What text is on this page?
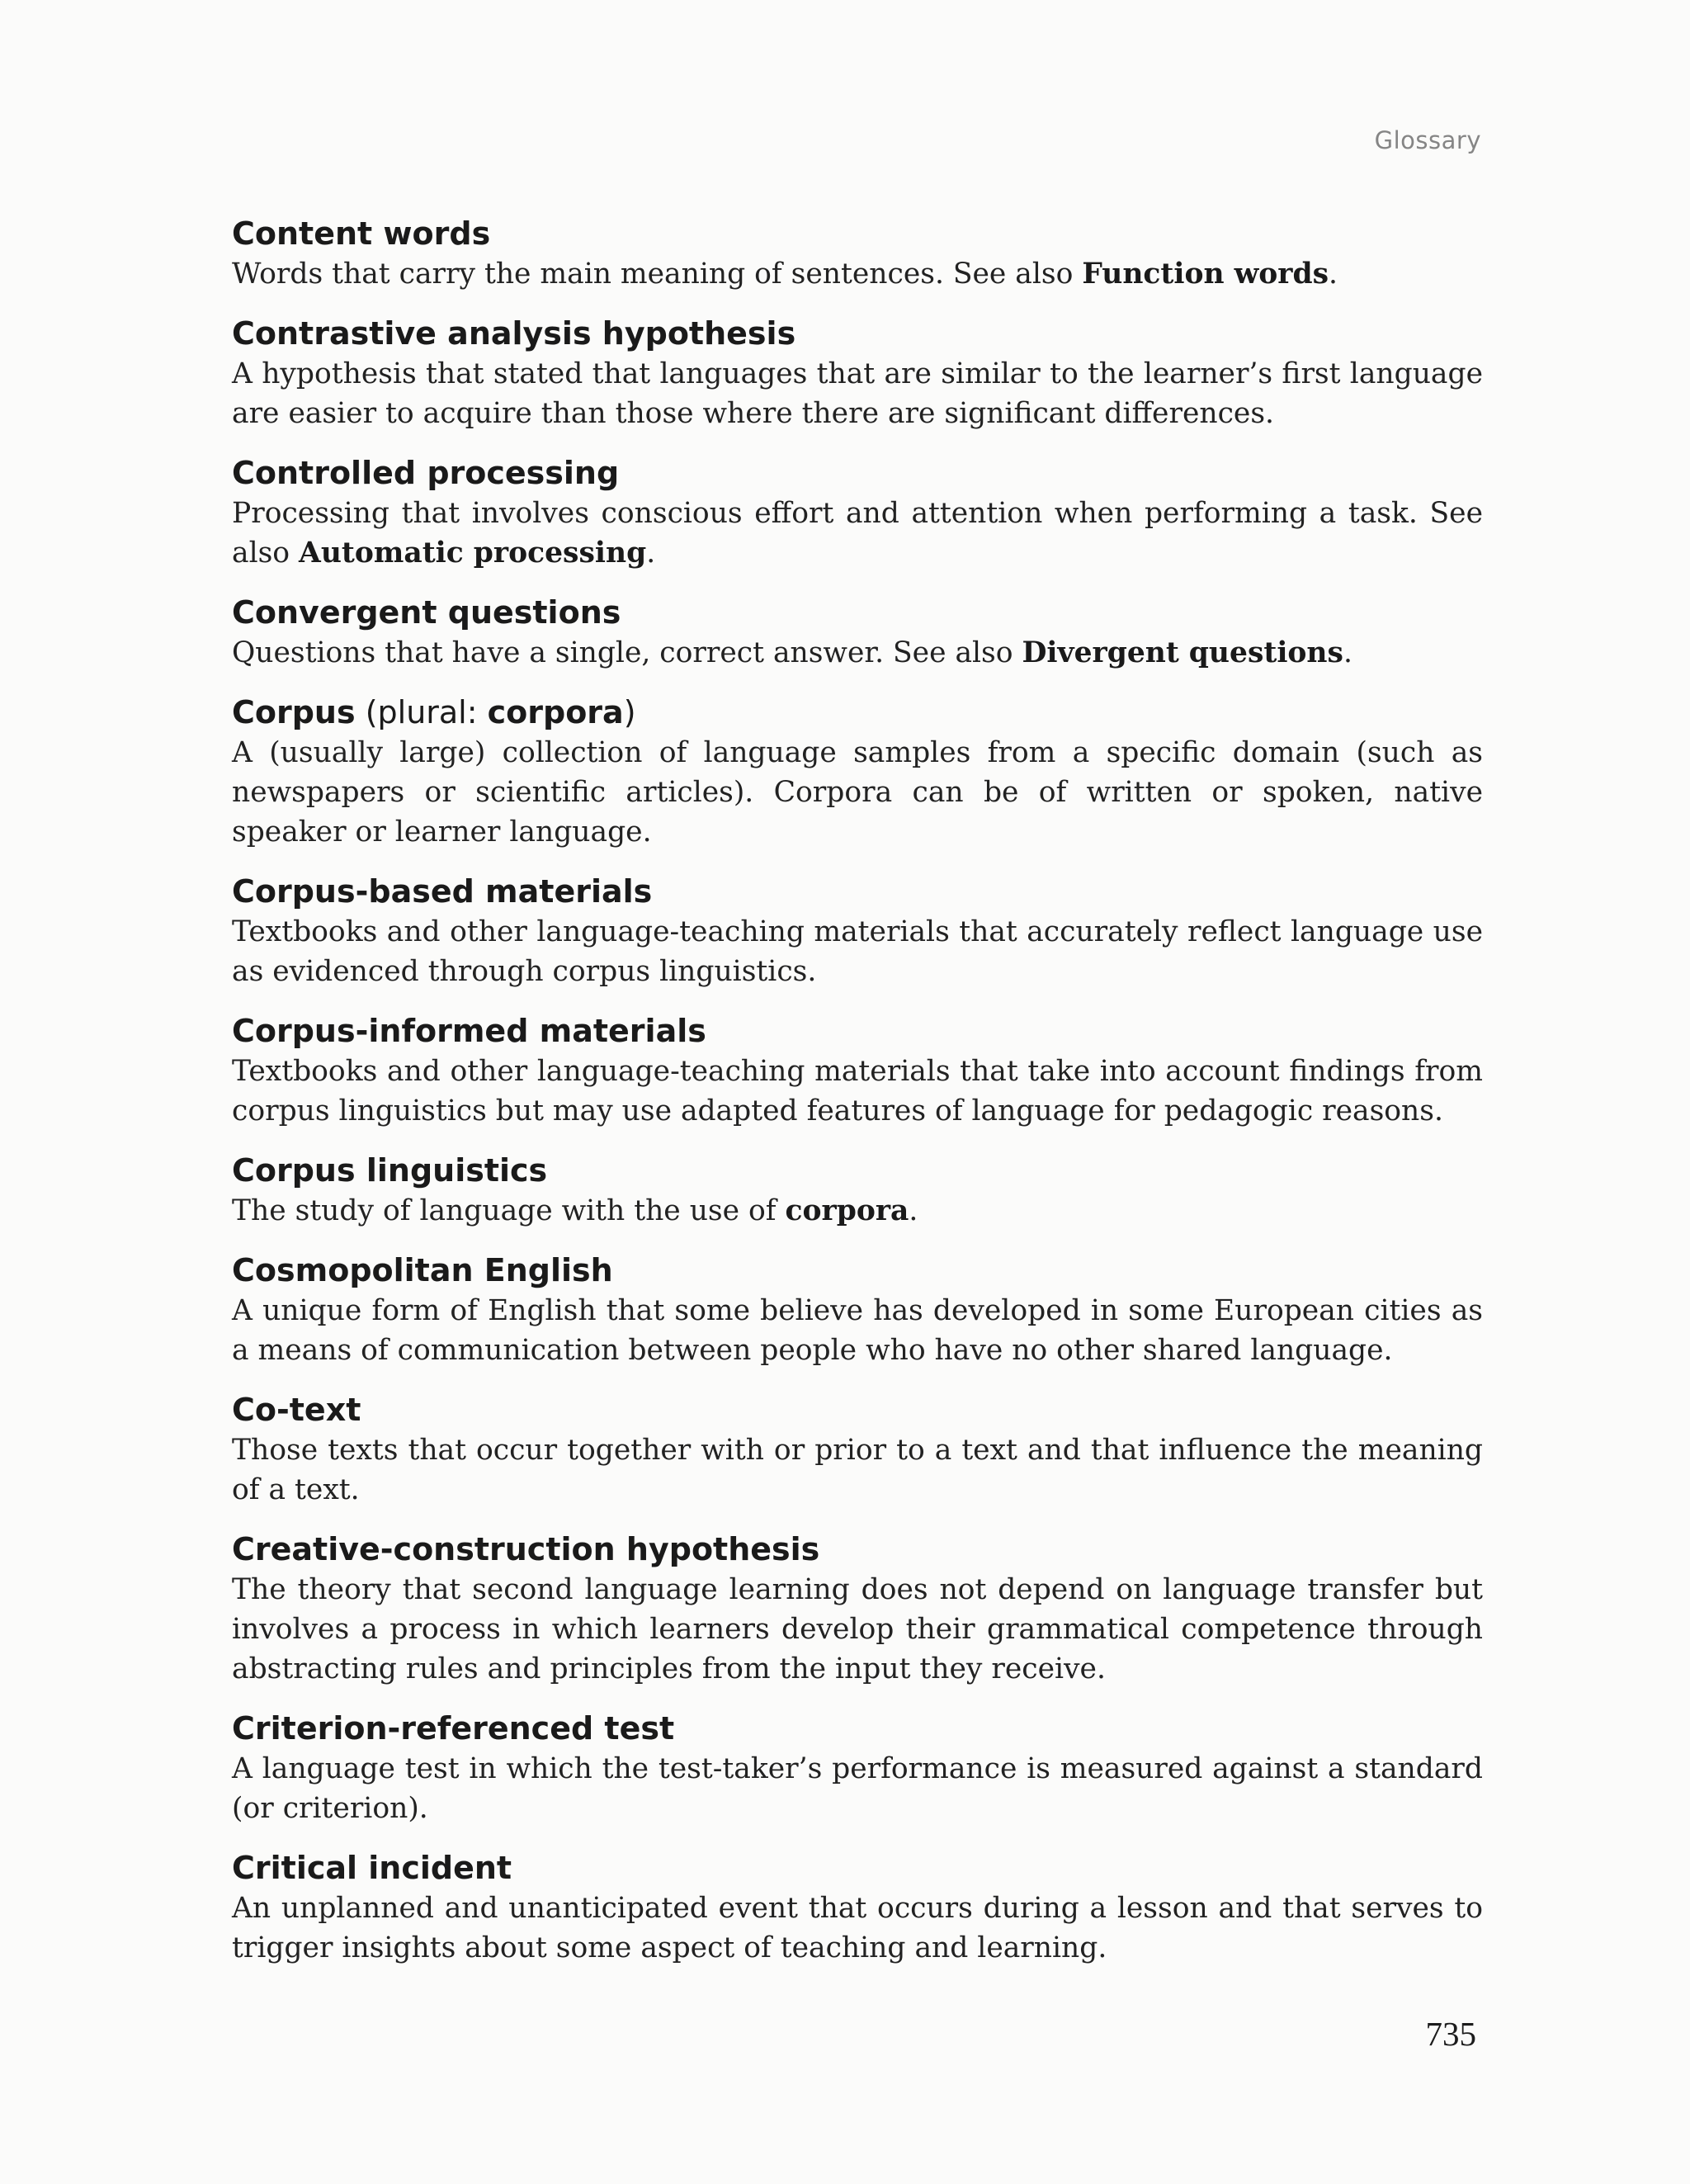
Glossary
Content words
Words that carry the main meaning of sentences. See also Function words.
Contrastive analysis hypothesis
A hypothesis that stated that languages that are similar to the learner’s first language are easier to acquire than those where there are significant differences.
Controlled processing
Processing that involves conscious effort and attention when performing a task. See also Automatic processing.
Convergent questions
Questions that have a single, correct answer. See also Divergent questions.
Corpus (plural: corpora)
A (usually large) collection of language samples from a specific domain (such as newspapers or scientific articles). Corpora can be of written or spoken, native speaker or learner language.
Corpus-based materials
Textbooks and other language-teaching materials that accurately reflect language use as evidenced through corpus linguistics.
Corpus-informed materials
Textbooks and other language-teaching materials that take into account findings from corpus linguistics but may use adapted features of language for pedagogic reasons.
Corpus linguistics
The study of language with the use of corpora.
Cosmopolitan English
A unique form of English that some believe has developed in some European cities as a means of communication between people who have no other shared language.
Co-text
Those texts that occur together with or prior to a text and that influence the meaning of a text.
Creative-construction hypothesis
The theory that second language learning does not depend on language transfer but involves a process in which learners develop their grammatical competence through abstracting rules and principles from the input they receive.
Criterion-referenced test
A language test in which the test-taker’s performance is measured against a standard (or criterion).
Critical incident
An unplanned and unanticipated event that occurs during a lesson and that serves to trigger insights about some aspect of teaching and learning.
735
